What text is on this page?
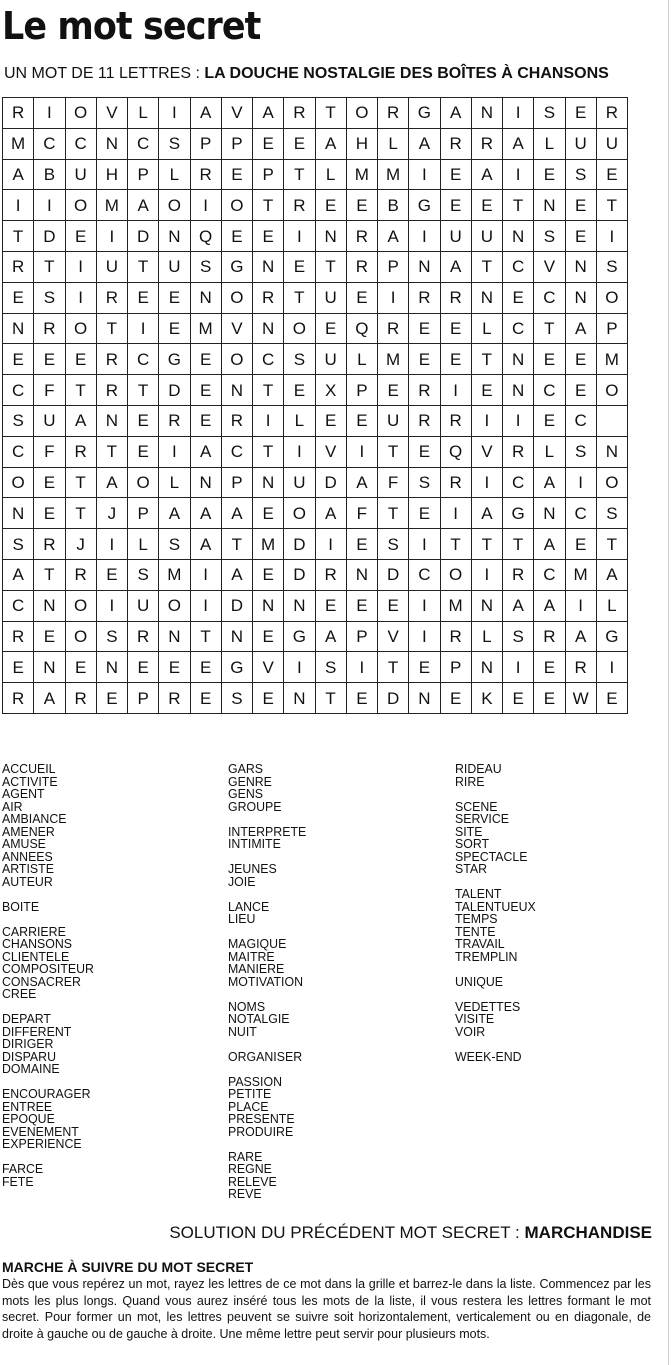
Le mot secret
UN MOT DE 11 LETTRES : LA DOUCHE NOSTALGIE DES BOÎTES À CHANSONS
R	I	O	V	L	I	A	V	A	R	T	O	R	G	A	N	I	S	E	R
M	C	C	N	C	S	P	P	E	E	A	H	L	A	R	R	A	L	U	U
A	B	U	H	P	L	R	E	P	T	L	M	M	I	E	A	I	E	S	E
I	I	O	M	A	O	I	O	T	R	E	E	B	G	E	E	T	N	E	T
T	D	E	I	D	N	Q	E	E	I	N	R	A	I	U	U	N	S	E	I
R	T	I	U	T	U	S	G	N	E	T	R	P	N	A	T	C	V	N	S
E	S	I	R	E	E	N	O	R	T	U	E	I	R	R	N	E	C	N	O
N	R	O	T	I	E	M	V	N	O	E	Q	R	E	E	L	C	T	A	P
E	E	E	R	C	G	E	O	C	S	U	L	M	E	E	T	N	E	E	M
C	F	T	R	T	D	E	N	T	E	X	P	E	R	I	E	N	C	E	O
S	U	A	N	E	R	E	R	I	L	E	E	U	R	R	I	I	E	C	
C	F	R	T	E	I	A	C	T	I	V	I	T	E	Q	V	R	L	S	N
O	E	T	A	O	L	N	P	N	U	D	A	F	S	R	I	C	A	I	O
N	E	T	J	P	A	A	A	E	O	A	F	T	E	I	A	G	N	C	S
S	R	J	I	L	S	A	T	M	D	I	E	S	I	T	T	T	A	E	T
A	T	R	E	S	M	I	A	E	D	R	N	D	C	O	I	R	C	M	A
C	N	O	I	U	O	I	D	N	N	E	E	E	I	M	N	A	A	I	L
R	E	O	S	R	N	T	N	E	G	A	P	V	I	R	L	S	R	A	G
E	N	E	N	E	E	E	G	V	I	S	I	T	E	P	N	I	E	R	I
R	A	R	E	P	R	E	S	E	N	T	E	D	N	E	K	E	E	W	E
ACCUEIL
ACTIVITE
AGENT
AIR
AMBIANCE
AMENER
AMUSE
ANNEES
ARTISTE
AUTEUR
BOITE
CARRIERE
CHANSONS
CLIENTELE
COMPOSITEUR
CONSACRER
CREE
DEPART
DIFFERENT
DIRIGER
DISPARU
DOMAINE
ENCOURAGER
ENTREE
EPOQUE
EVENEMENT
EXPERIENCE
FARCE
FETE
GARS
GENRE
GENS
GROUPE
INTERPRETE
INTIMITE
JEUNES
JOIE
LANCE
LIEU
MAGIQUE
MAITRE
MANIERE
MOTIVATION
NOMS
NOTALGIE
NUIT
ORGANISER
PASSION
PETITE
PLACE
PRESENTE
PRODUIRE
RARE
REGNE
RELEVE
REVE
RIDEAU
RIRE
SCENE
SERVICE
SITE
SORT
SPECTACLE
STAR
TALENT
TALENTUEUX
TEMPS
TENTE
TRAVAIL
TREMPLIN
UNIQUE
VEDETTES
VISITE
VOIR
WEEK-END
SOLUTION DU PRÉCÉDENT MOT SECRET : MARCHANDISE
MARCHE À SUIVRE DU MOT SECRET
Dès que vous repérez un mot, rayez les lettres de ce mot dans la grille et barrez-le dans la liste. Commencez par les mots les plus longs. Quand vous aurez inséré tous les mots de la liste, il vous restera les lettres formant le mot secret. Pour former un mot, les lettres peuvent se suivre soit horizontalement, verticalement ou en diagonale, de droite à gauche ou de gauche à droite. Une même lettre peut servir pour plusieurs mots.
